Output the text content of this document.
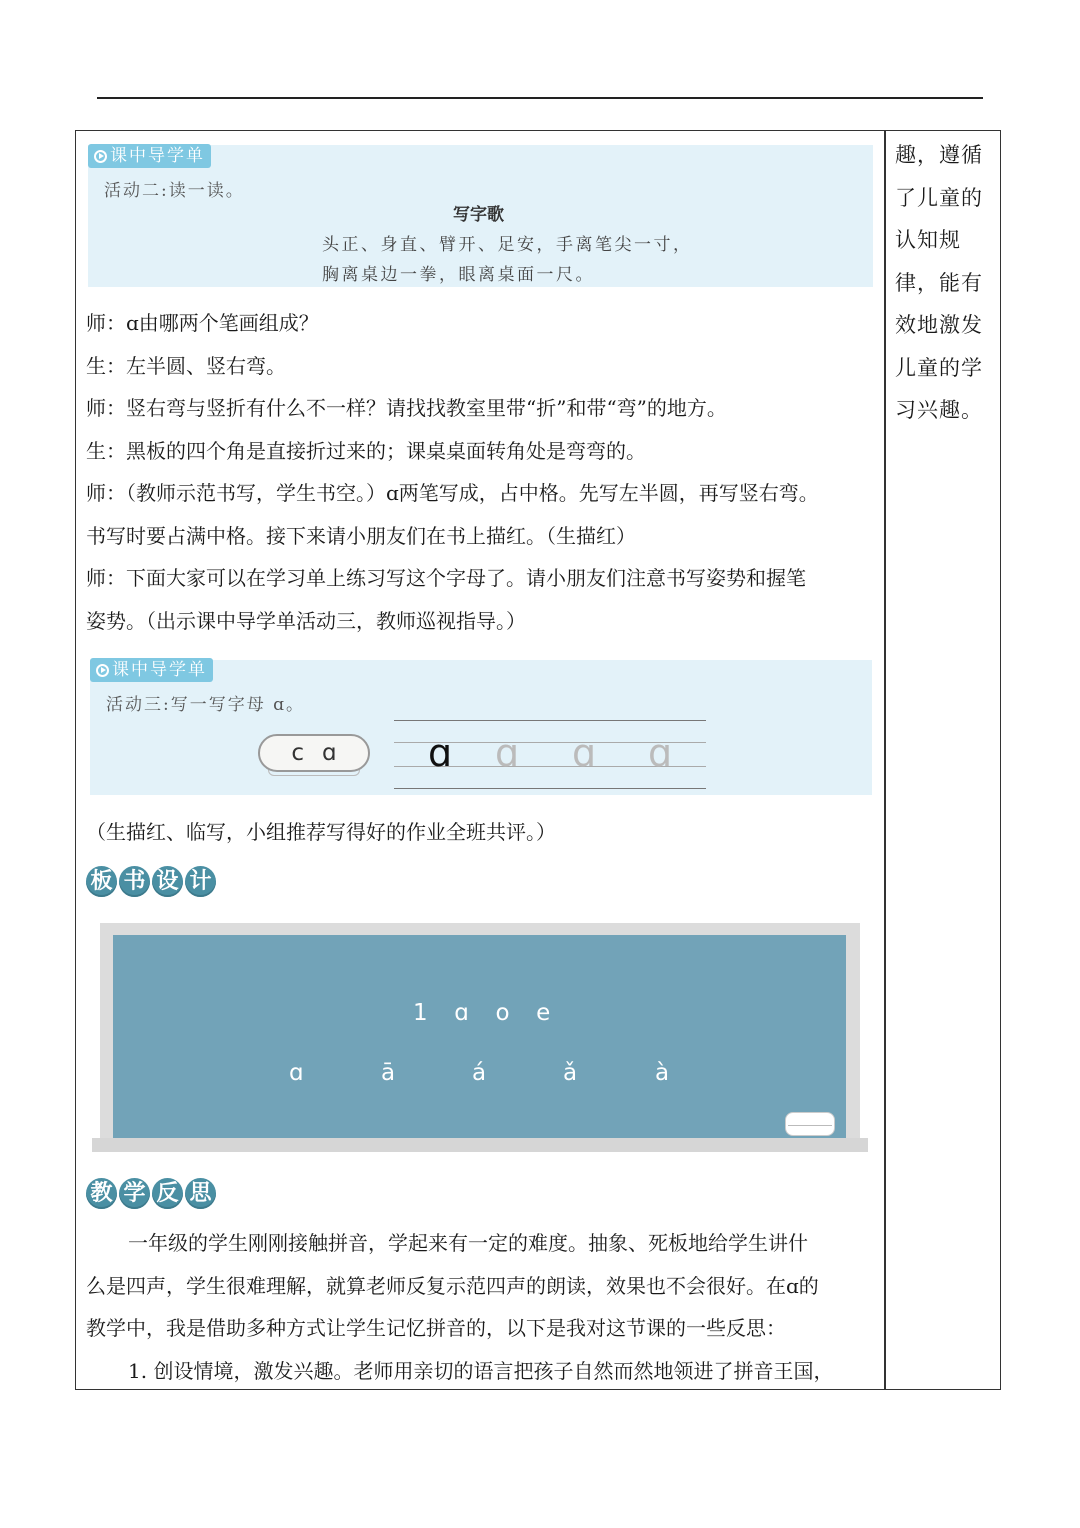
趣，遵循
了儿童的
认知规
律，能有
效地激发
儿童的学
习兴趣。
课中导学单
活动二:读一读。
写字歌
头正、身直、臂开、足安，手离笔尖一寸，
胸离桌边一拳，眼离桌面一尺。

师：ɑ由哪两个笔画组成？

生：左半圆、竖右弯。

师：竖右弯与竖折有什么不一样？请找找教室里带“折”和带“弯”的地方。

生：黑板的四个角是直接折过来的；课桌桌面转角处是弯弯的。

师：（教师示范书写，学生书空。）ɑ两笔写成，占中格。先写左半圆，再写竖右弯。

书写时要占满中格。接下来请小朋友们在书上描红。（生描红）

师：下面大家可以在学习单上练习写这个字母了。请小朋友们注意书写姿势和握笔

姿势。（出示课中导学单活动三，教师巡视指导。）

课中导学单
活动三:写一写字母 ɑ。
c ɑ ɑ ɑ ɑ ɑ

（生描红、临写，小组推荐写得好的作业全班共评。）

板 书 设 计
1  ɑ  o  e
ɑ	ā	á	ǎ	à
教 学 反 思

一年级的学生刚刚接触拼音，学起来有一定的难度。抽象、死板地给学生讲什

么是四声，学生很难理解，就算老师反复示范四声的朗读，效果也不会很好。在ɑ的

教学中，我是借助多种方式让学生记忆拼音的，以下是我对这节课的一些反思：

1. 创设情境，激发兴趣。老师用亲切的语言把孩子自然而然地领进了拼音王国，
